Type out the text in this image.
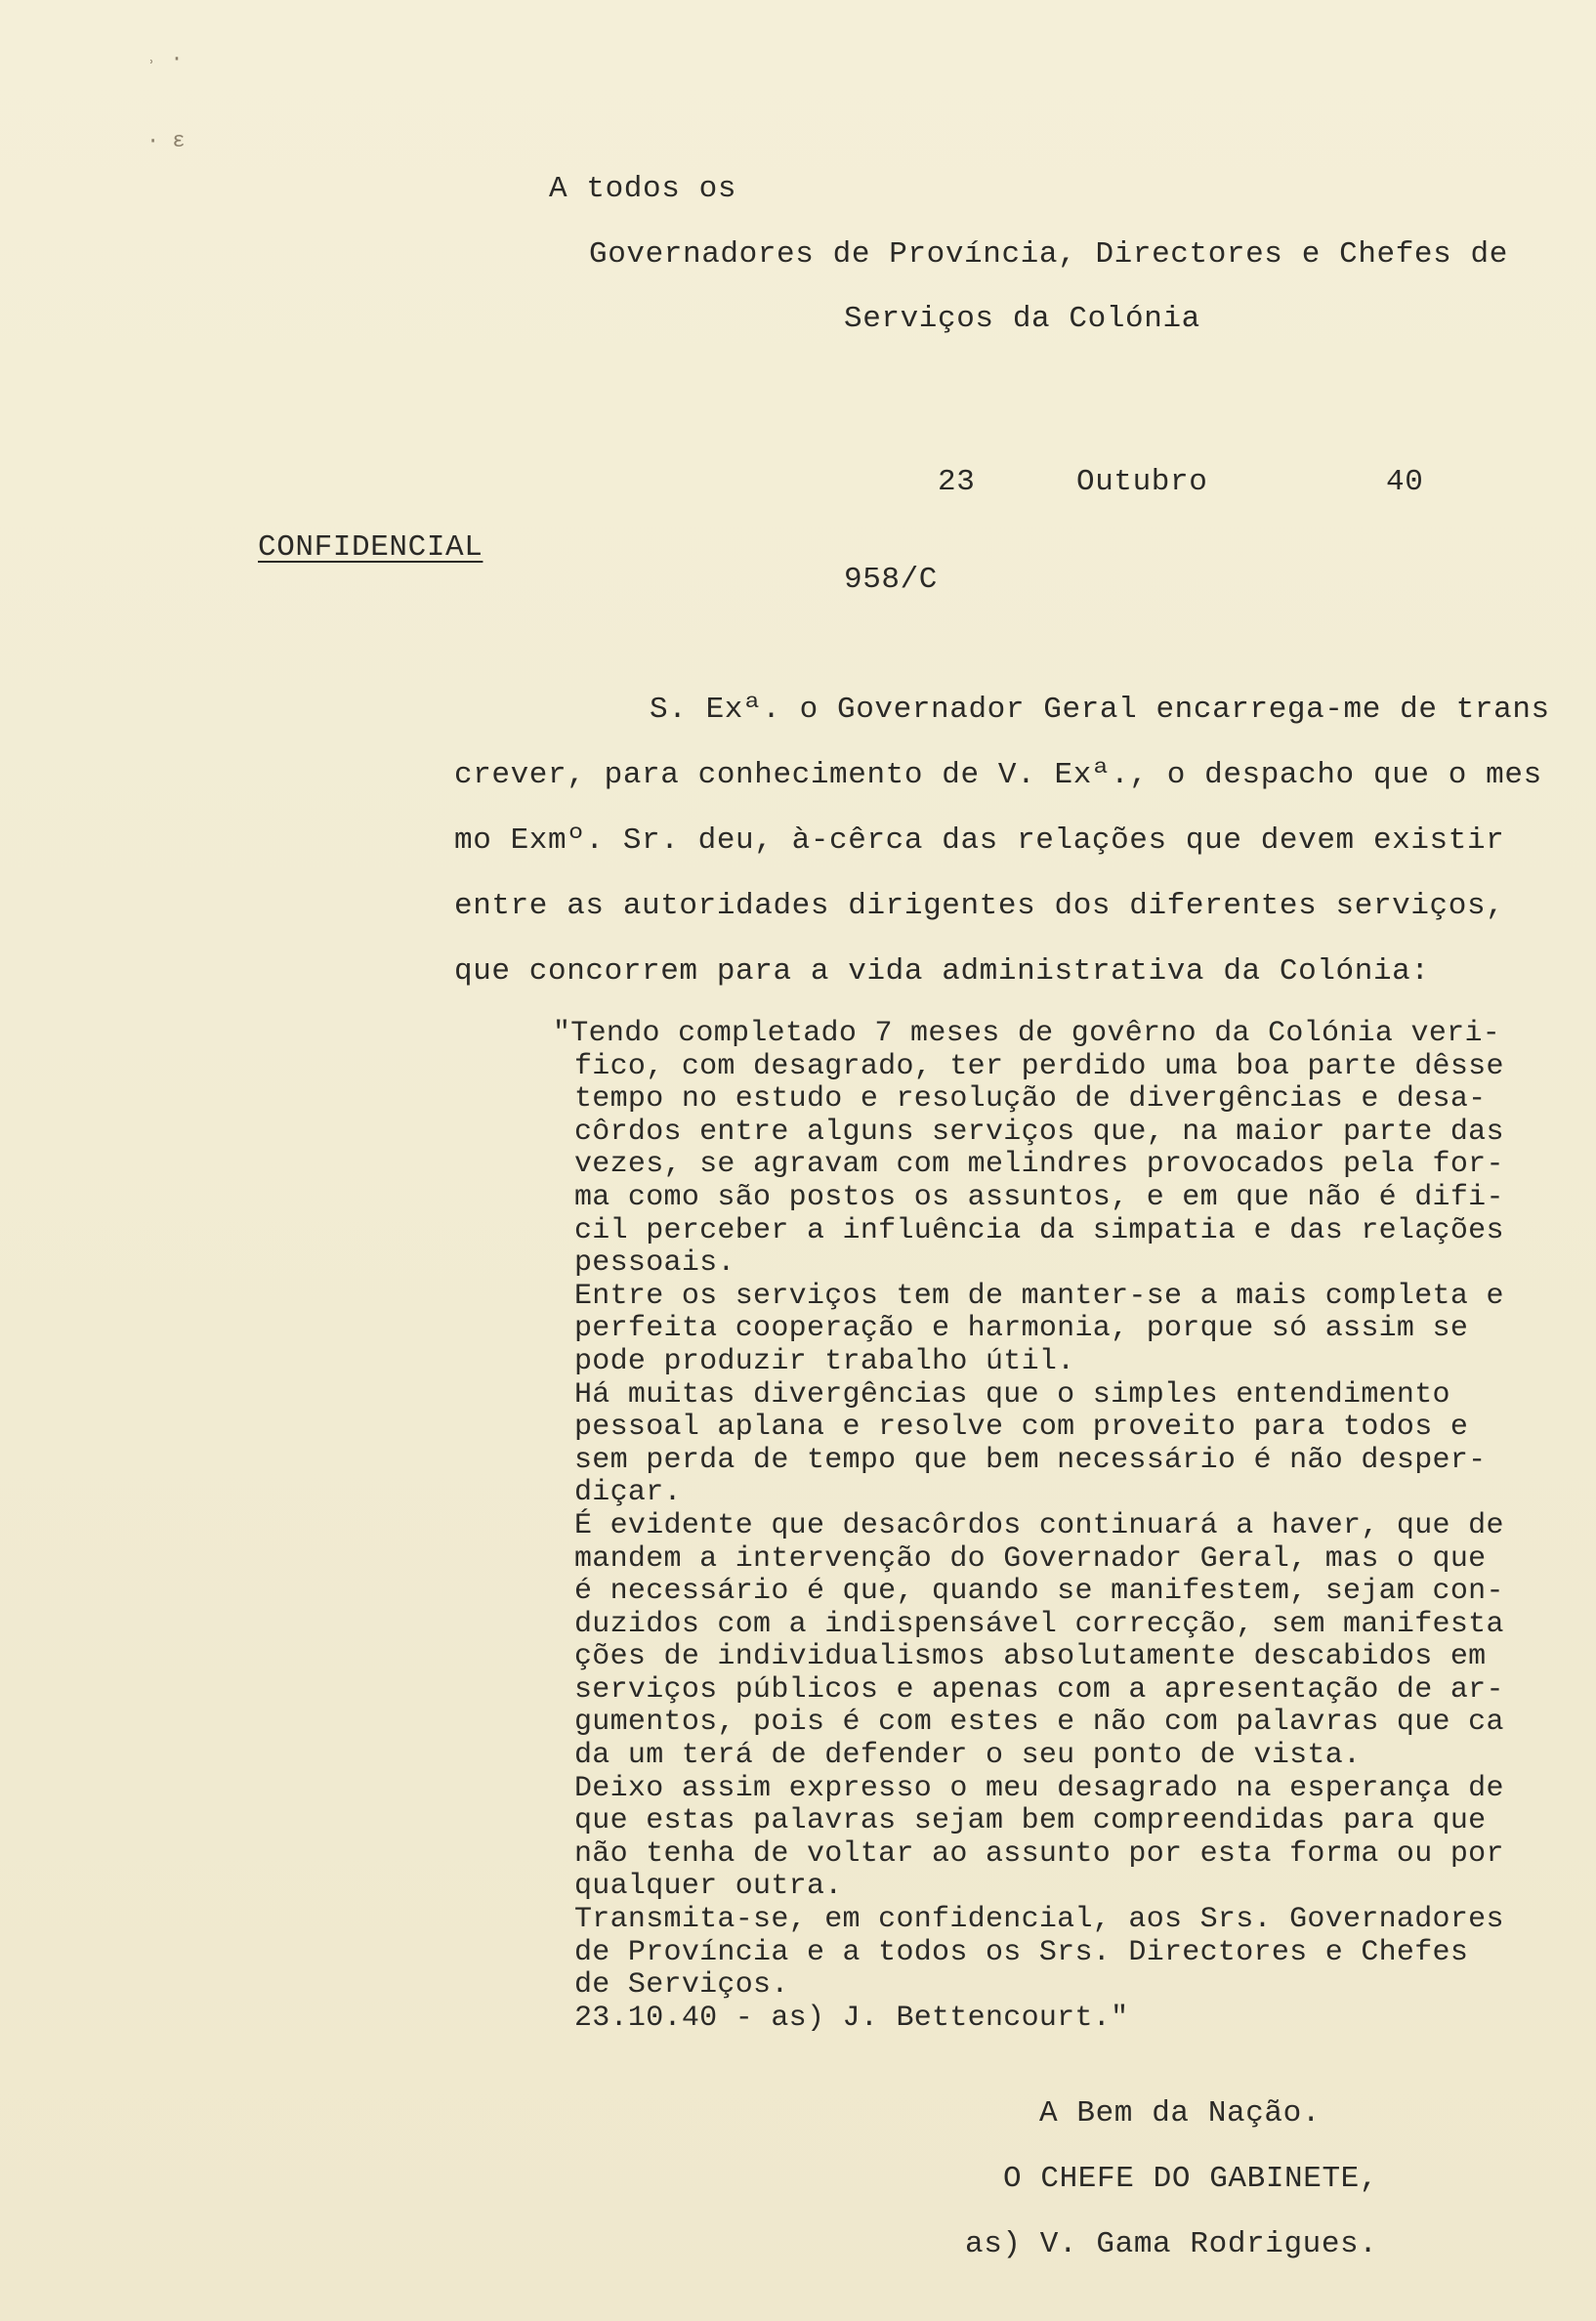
˒ ·
· ɛ
A todos os
Governadores de Província, Directores e Chefes de
Serviços da Colónia
23	Outubro	40
CONFIDENCIAL
958/C
S. Exª. o Governador Geral encarrega-me de trans
crever, para conhecimento de V. Exª., o despacho que o mes
mo Exmº. Sr. deu, à-cêrca das relações que devem existir
entre as autoridades dirigentes dos diferentes serviços,
que concorrem para a vida administrativa da Colónia:
"Tendo completado 7 meses de govêrno da Colónia veri-
fico, com desagrado, ter perdido uma boa parte dêsse
tempo no estudo e resolução de divergências e desa-
côrdos entre alguns serviços que, na maior parte das
vezes, se agravam com melindres provocados pela for-
ma como são postos os assuntos, e em que não é difi-
cil perceber a influência da simpatia e das relações
pessoais.
Entre os serviços tem de manter-se a mais completa e
perfeita cooperação e harmonia, porque só assim se
pode produzir trabalho útil.
Há muitas divergências que o simples entendimento
pessoal aplana e resolve com proveito para todos e
sem perda de tempo que bem necessário é não desper-
diçar.
É evidente que desacôrdos continuará a haver, que de
mandem a intervenção do Governador Geral, mas o que
é necessário é que, quando se manifestem, sejam con-
duzidos com a indispensável correcção, sem manifesta
ções de individualismos absolutamente descabidos em
serviços públicos e apenas com a apresentação de ar-
gumentos, pois é com estes e não com palavras que ca
da um terá de defender o seu ponto de vista.
Deixo assim expresso o meu desagrado na esperança de
que estas palavras sejam bem compreendidas para que
não tenha de voltar ao assunto por esta forma ou por
qualquer outra.
Transmita-se, em confidencial, aos Srs. Governadores
de Província e a todos os Srs. Directores e Chefes
de Serviços.
23.10.40 - as) J. Bettencourt."
A Bem da Nação.
O CHEFE DO GABINETE,
as) V. Gama Rodrigues.
